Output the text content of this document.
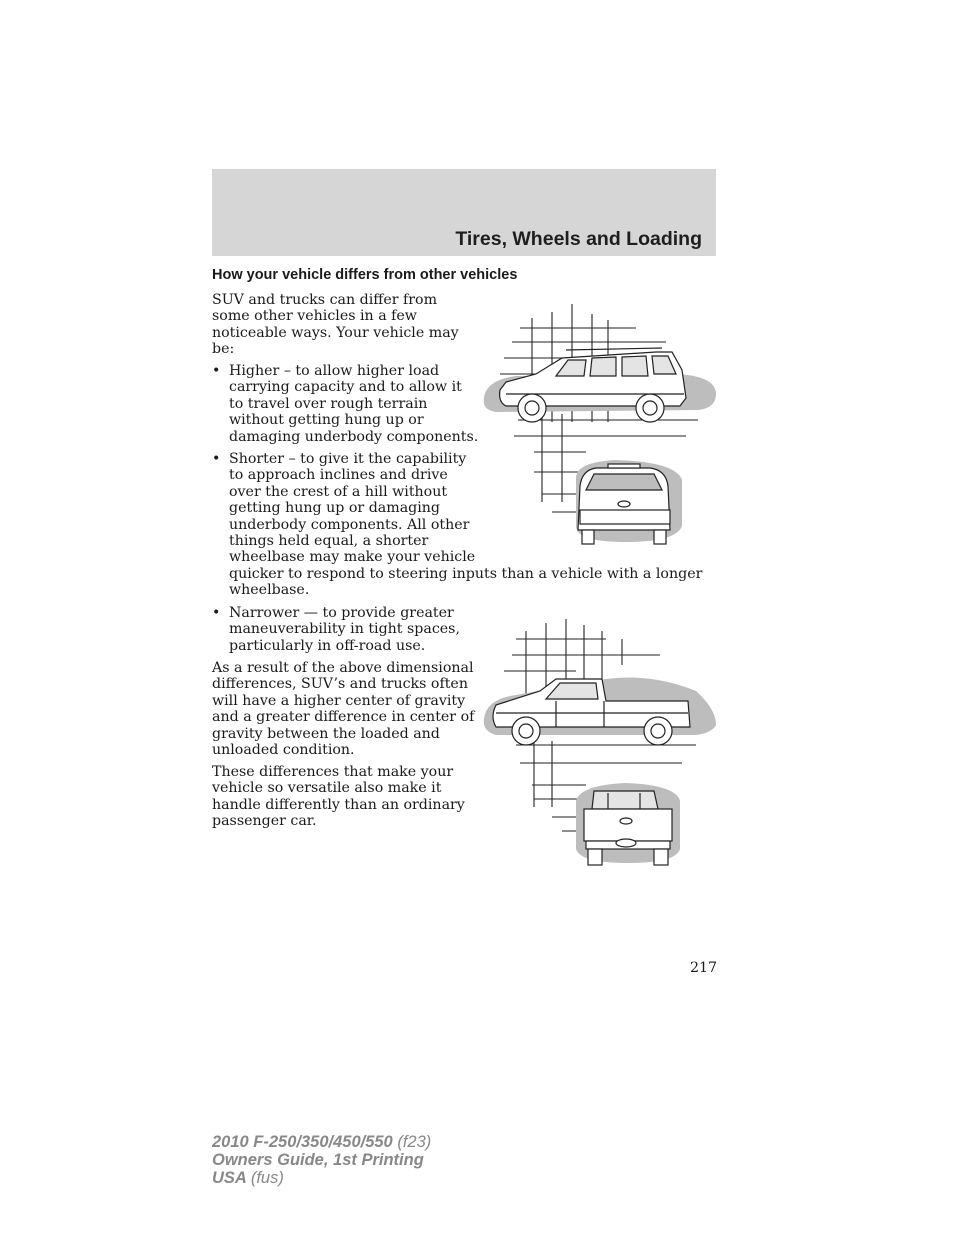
Tires, Wheels and Loading
How your vehicle differs from other vehicles
SUV and trucks can differ from
some other vehicles in a few
noticeable ways. Your vehicle may
be:
• Higher – to allow higher load
carrying capacity and to allow it
to travel over rough terrain
without getting hung up or
damaging underbody components.
• Shorter – to give it the capability
to approach inclines and drive
over the crest of a hill without
getting hung up or damaging
underbody components. All other
things held equal, a shorter
wheelbase may make your vehicle
quicker to respond to steering inputs than a vehicle with a longer
wheelbase.
• Narrower — to provide greater
maneuverability in tight spaces,
particularly in off-road use.
As a result of the above dimensional
differences, SUV’s and trucks often
will have a higher center of gravity
and a greater difference in center of
gravity between the loaded and
unloaded condition.
These differences that make your
vehicle so versatile also make it
handle differently than an ordinary
passenger car.
217
2010 F-250/350/450/550 (f23)
Owners Guide, 1st Printing
USA (fus)
